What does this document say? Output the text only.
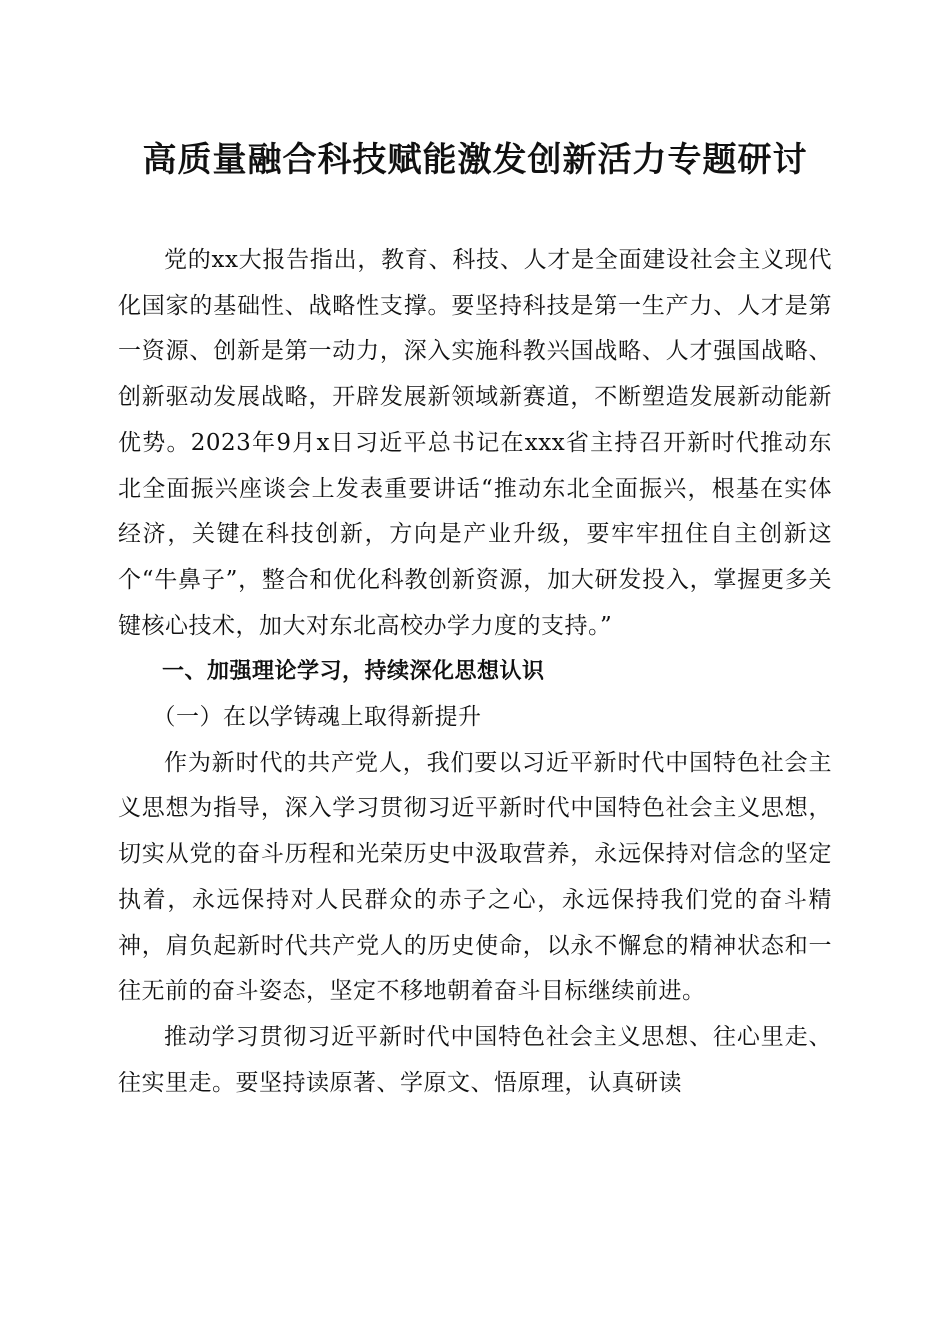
高质量融合科技赋能激发创新活力专题研讨

党的xx大报告指出，教育、科技、人才是全面建设社会主义现代化国家的基础性、战略性支撑。要坚持科技是第一生产力、人才是第一资源、创新是第一动力，深入实施科教兴国战略、人才强国战略、创新驱动发展战略，开辟发展新领域新赛道，不断塑造发展新动能新优势。2023年9月x日习近平总书记在xxx省主持召开新时代推动东北全面振兴座谈会上发表重要讲话“推动东北全面振兴，根基在实体经济，关键在科技创新，方向是产业升级，要牢牢扭住自主创新这个“牛鼻子”，整合和优化科教创新资源，加大研发投入，掌握更多关键核心技术，加大对东北高校办学力度的支持。”

一、加强理论学习，持续深化思想认识

（一）在以学铸魂上取得新提升

作为新时代的共产党人，我们要以习近平新时代中国特色社会主义思想为指导，深入学习贯彻习近平新时代中国特色社会主义思想，切实从党的奋斗历程和光荣历史中汲取营养，永远保持对信念的坚定执着，永远保持对人民群众的赤子之心，永远保持我们党的奋斗精神，肩负起新时代共产党人的历史使命，以永不懈怠的精神状态和一往无前的奋斗姿态，坚定不移地朝着奋斗目标继续前进。

推动学习贯彻习近平新时代中国特色社会主义思想、往心里走、往实里走。要坚持读原著、学原文、悟原理，认真研读
